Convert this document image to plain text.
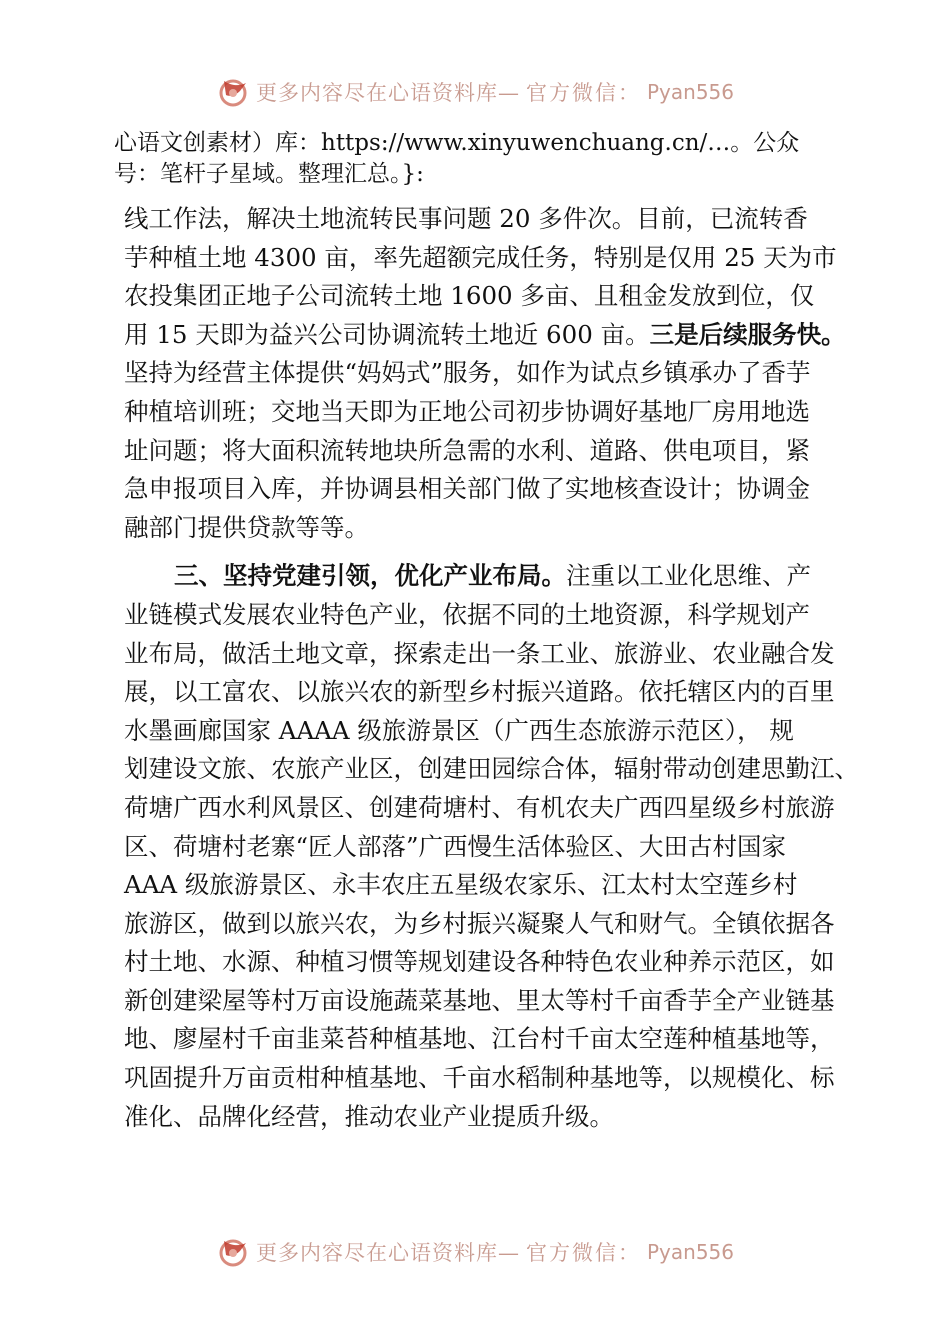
更多内容尽在心语资料库— 官方微信： Pyan556
心语文创素材）库：https://www.xinyuwenchuang.cn/…。公众
号：笔杆子星域。整理汇总。}:
线工作法，解决土地流转民事问题 20 多件次。目前，已流转香
芋种植土地 4300 亩，率先超额完成任务，特别是仅用 25 天为市
农投集团正地子公司流转土地 1600 多亩、且租金发放到位，仅
用 15 天即为益兴公司协调流转土地近 600 亩。三是后续服务快。
坚持为经营主体提供“妈妈式”服务，如作为试点乡镇承办了香芋
种植培训班；交地当天即为正地公司初步协调好基地厂房用地选
址问题；将大面积流转地块所急需的水利、道路、供电项目，紧
急申报项目入库，并协调县相关部门做了实地核查设计；协调金
融部门提供贷款等等。
三、坚持党建引领，优化产业布局。注重以工业化思维、产
业链模式发展农业特色产业，依据不同的土地资源，科学规划产
业布局，做活土地文章，探索走出一条工业、旅游业、农业融合发
展，以工富农、以旅兴农的新型乡村振兴道路。依托辖区内的百里
水墨画廊国家 AAAA 级旅游景区（广西生态旅游示范区）， 规
划建设文旅、农旅产业区，创建田园综合体，辐射带动创建思勤江、
荷塘广西水利风景区、创建荷塘村、有机农夫广西四星级乡村旅游
区、荷塘村老寨“匠人部落”广西慢生活体验区、大田古村国家
AAA 级旅游景区、永丰农庄五星级农家乐、江太村太空莲乡村
旅游区，做到以旅兴农，为乡村振兴凝聚人气和财气。全镇依据各
村土地、水源、种植习惯等规划建设各种特色农业种养示范区，如
新创建梁屋等村万亩设施蔬菜基地、里太等村千亩香芋全产业链基
地、廖屋村千亩韭菜苔种植基地、江台村千亩太空莲种植基地等，
巩固提升万亩贡柑种植基地、千亩水稻制种基地等，以规模化、标
准化、品牌化经营，推动农业产业提质升级。
更多内容尽在心语资料库— 官方微信： Pyan556
